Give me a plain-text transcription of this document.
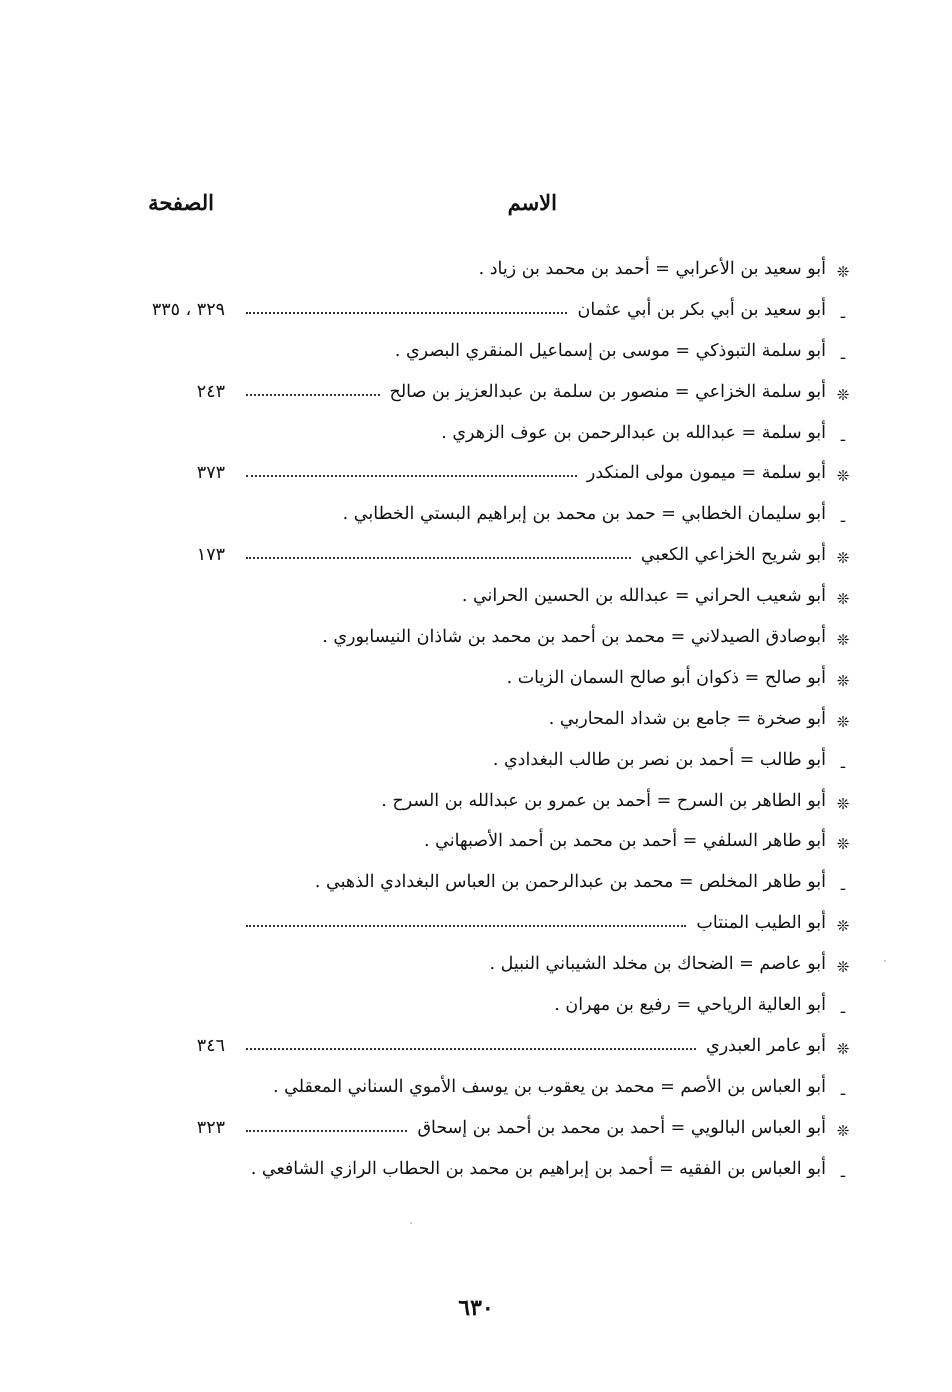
الاسم
الصفحة
❊
أبو سعيد بن الأعرابي = أحمد بن محمد بن زياد .
ـ
أبو سعيد بن أبي بكر بن أبي عثمان
٣٢٩ ، ٣٣٥
ـ
أبو سلمة التبوذكي = موسى بن إسماعيل المنقري البصري .
❊
أبو سلمة الخزاعي = منصور بن سلمة بن عبدالعزيز بن صالح
٢٤٣
ـ
أبو سلمة = عبدالله بن عبدالرحمن بن عوف الزهري .
❊
أبو سلمة = ميمون مولى المنكدر
٣٧٣
ـ
أبو سليمان الخطابي = حمد بن محمد بن إبراهيم البستي الخطابي .
❊
أبو شريح الخزاعي الكعبي
١٧٣
❊
أبو شعيب الحراني = عبدالله بن الحسين الحراني .
❊
أبوصادق الصيدلاني = محمد بن أحمد بن محمد بن شاذان النيسابوري .
❊
أبو صالح = ذكوان أبو صالح السمان الزيات .
❊
أبو صخرة = جامع بن شداد المحاربي .
ـ
أبو طالب = أحمد بن نصر بن طالب البغدادي .
❊
أبو الطاهر بن السرح = أحمد بن عمرو بن عبدالله بن السرح .
❊
أبو طاهر السلفي = أحمد بن محمد بن أحمد الأصبهاني .
ـ
أبو طاهر المخلص = محمد بن عبدالرحمن بن العباس البغدادي الذهبي .
❊
أبو الطيب المنتاب
❊
أبو عاصم = الضحاك بن مخلد الشيباني النبيل .
ـ
أبو العالية الرياحي = رفيع بن مهران .
❊
أبو عامر العبدري
٣٤٦
ـ
أبو العباس بن الأصم = محمد بن يعقوب بن يوسف الأموي السناني المعقلي .
❊
أبو العباس البالويي = أحمد بن محمد بن أحمد بن إسحاق
٣٢٣
ـ
أبو العباس بن الفقيه = أحمد بن إبراهيم بن محمد بن الحطاب الرازي الشافعي .
٦٣٠
